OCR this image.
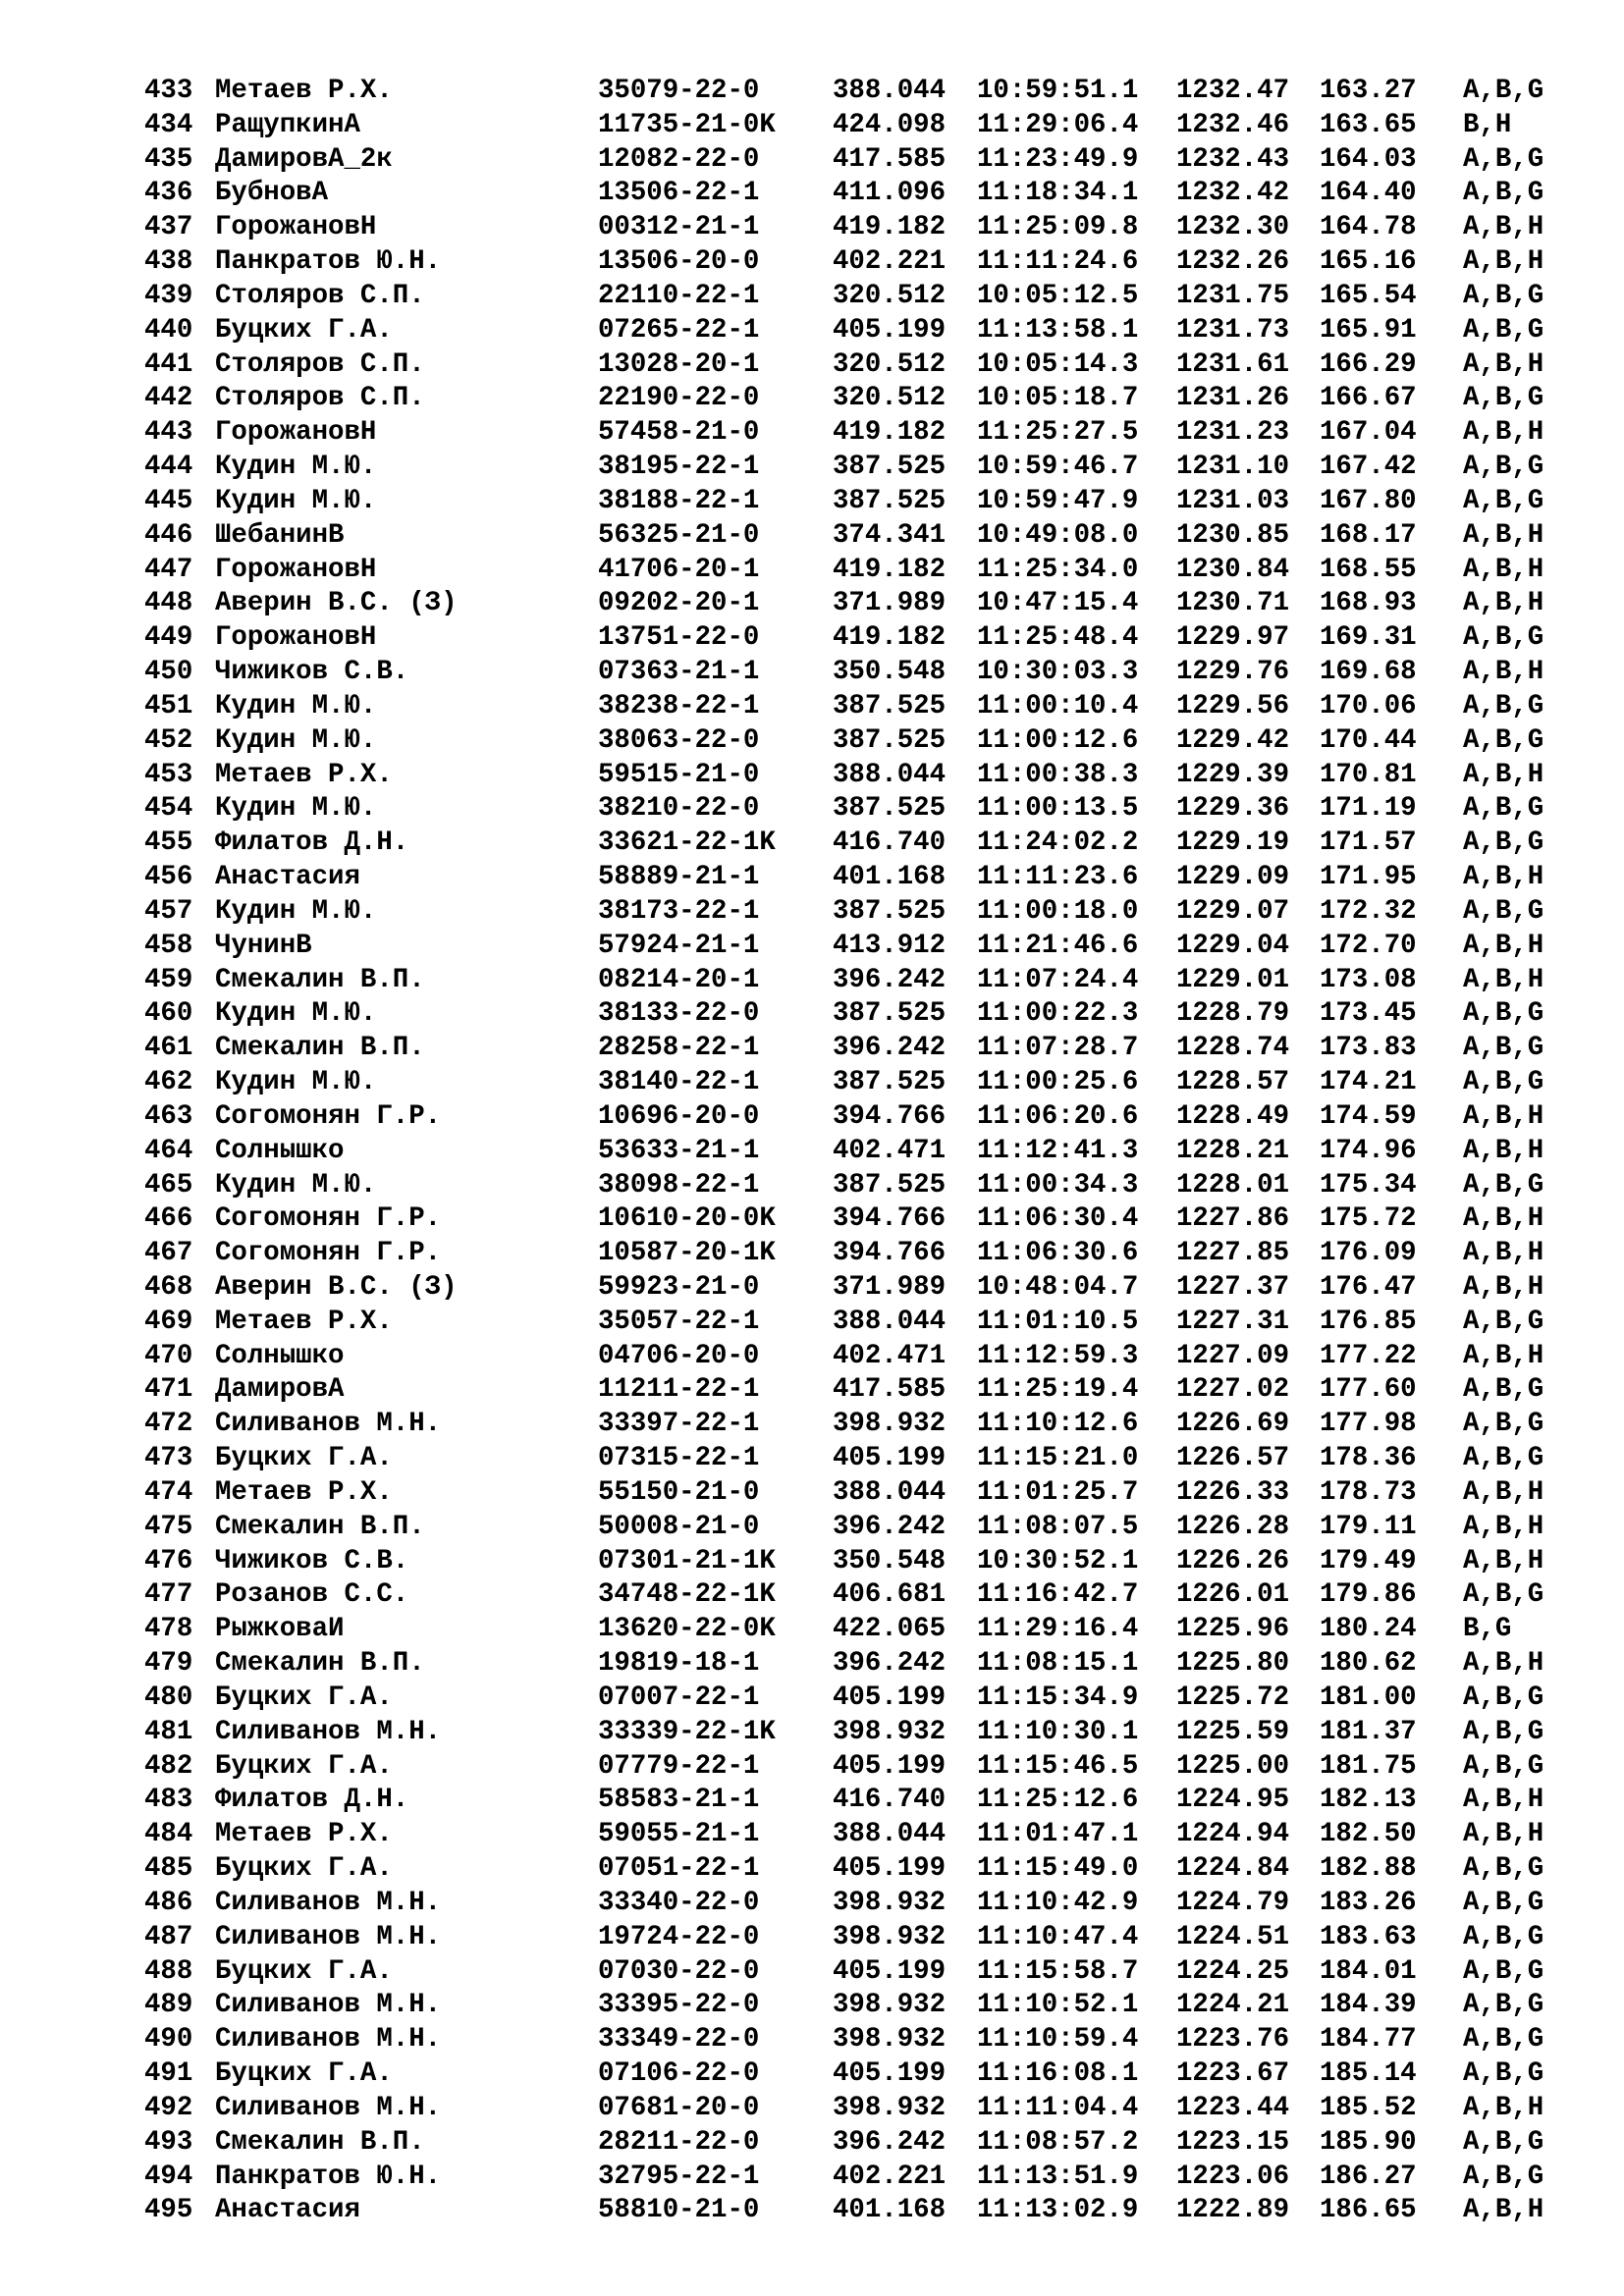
433 Метаев Р.Х.	35079-22-0	388.044 10:59:51.1 1232.47 163.27 A,B,G
434 РащупкинА	11735-21-0K 424.098 11:29:06.4 1232.46 163.65 B,H
435 ДамировА_2к	12082-22-0	417.585 11:23:49.9 1232.43 164.03 A,B,G
436 БубновА	13506-22-1	411.096 11:18:34.1 1232.42 164.40 A,B,G
437 ГорожановН	00312-21-1	419.182 11:25:09.8 1232.30 164.78 A,B,H
438 Панкратов Ю.Н.	13506-20-0	402.221 11:11:24.6 1232.26 165.16 A,B,H
439 Столяров С.П.	22110-22-1	320.512 10:05:12.5 1231.75 165.54 A,B,G
440 Буцких Г.А.	07265-22-1	405.199 11:13:58.1 1231.73 165.91 A,B,G
441 Столяров С.П.	13028-20-1	320.512 10:05:14.3 1231.61 166.29 A,B,H
442 Столяров С.П.	22190-22-0	320.512 10:05:18.7 1231.26 166.67 A,B,G
443 ГорожановН	57458-21-0	419.182 11:25:27.5 1231.23 167.04 A,B,H
444 Кудин М.Ю.	38195-22-1	387.525 10:59:46.7 1231.10 167.42 A,B,G
445 Кудин М.Ю.	38188-22-1	387.525 10:59:47.9 1231.03 167.80 A,B,G
446 ШебанинВ	56325-21-0	374.341 10:49:08.0 1230.85 168.17 A,B,H
447 ГорожановН	41706-20-1	419.182 11:25:34.0 1230.84 168.55 A,B,H
448 Аверин В.С. (З)	09202-20-1	371.989 10:47:15.4 1230.71 168.93 A,B,H
449 ГорожановН	13751-22-0	419.182 11:25:48.4 1229.97 169.31 A,B,G
450 Чижиков С.В.	07363-21-1	350.548 10:30:03.3 1229.76 169.68 A,B,H
451 Кудин М.Ю.	38238-22-1	387.525 11:00:10.4 1229.56 170.06 A,B,G
452 Кудин М.Ю.	38063-22-0	387.525 11:00:12.6 1229.42 170.44 A,B,G
453 Метаев Р.Х.	59515-21-0	388.044 11:00:38.3 1229.39 170.81 A,B,H
454 Кудин М.Ю.	38210-22-0	387.525 11:00:13.5 1229.36 171.19 A,B,G
455 Филатов Д.Н.	33621-22-1K 416.740 11:24:02.2 1229.19 171.57 A,B,G
456 Анастасия	58889-21-1	401.168 11:11:23.6 1229.09 171.95 A,B,H
457 Кудин М.Ю.	38173-22-1	387.525 11:00:18.0 1229.07 172.32 A,B,G
458 ЧунинВ	57924-21-1	413.912 11:21:46.6 1229.04 172.70 A,B,H
459 Смекалин В.П.	08214-20-1	396.242 11:07:24.4 1229.01 173.08 A,B,H
460 Кудин М.Ю.	38133-22-0	387.525 11:00:22.3 1228.79 173.45 A,B,G
461 Смекалин В.П.	28258-22-1	396.242 11:07:28.7 1228.74 173.83 A,B,G
462 Кудин М.Ю.	38140-22-1	387.525 11:00:25.6 1228.57 174.21 A,B,G
463 Согомонян Г.Р.	10696-20-0	394.766 11:06:20.6 1228.49 174.59 A,B,H
464 Солнышко	53633-21-1	402.471 11:12:41.3 1228.21 174.96 A,B,H
465 Кудин М.Ю.	38098-22-1	387.525 11:00:34.3 1228.01 175.34 A,B,G
466 Согомонян Г.Р.	10610-20-0K 394.766 11:06:30.4 1227.86 175.72 A,B,H
467 Согомонян Г.Р.	10587-20-1K 394.766 11:06:30.6 1227.85 176.09 A,B,H
468 Аверин В.С. (З)	59923-21-0	371.989 10:48:04.7 1227.37 176.47 A,B,H
469 Метаев Р.Х.	35057-22-1	388.044 11:01:10.5 1227.31 176.85 A,B,G
470 Солнышко	04706-20-0	402.471 11:12:59.3 1227.09 177.22 A,B,H
471 ДамировА	11211-22-1	417.585 11:25:19.4 1227.02 177.60 A,B,G
472 Силиванов М.Н.	33397-22-1	398.932 11:10:12.6 1226.69 177.98 A,B,G
473 Буцких Г.А.	07315-22-1	405.199 11:15:21.0 1226.57 178.36 A,B,G
474 Метаев Р.Х.	55150-21-0	388.044 11:01:25.7 1226.33 178.73 A,B,H
475 Смекалин В.П.	50008-21-0	396.242 11:08:07.5 1226.28 179.11 A,B,H
476 Чижиков С.В.	07301-21-1K 350.548 10:30:52.1 1226.26 179.49 A,B,H
477 Розанов С.С.	34748-22-1K 406.681 11:16:42.7 1226.01 179.86 A,B,G
478 РыжковаИ	13620-22-0K 422.065 11:29:16.4 1225.96 180.24 B,G
479 Смекалин В.П.	19819-18-1	396.242 11:08:15.1 1225.80 180.62 A,B,H
480 Буцких Г.А.	07007-22-1	405.199 11:15:34.9 1225.72 181.00 A,B,G
481 Силиванов М.Н.	33339-22-1K 398.932 11:10:30.1 1225.59 181.37 A,B,G
482 Буцких Г.А.	07779-22-1	405.199 11:15:46.5 1225.00 181.75 A,B,G
483 Филатов Д.Н.	58583-21-1	416.740 11:25:12.6 1224.95 182.13 A,B,H
484 Метаев Р.Х.	59055-21-1	388.044 11:01:47.1 1224.94 182.50 A,B,H
485 Буцких Г.А.	07051-22-1	405.199 11:15:49.0 1224.84 182.88 A,B,G
486 Силиванов М.Н.	33340-22-0	398.932 11:10:42.9 1224.79 183.26 A,B,G
487 Силиванов М.Н.	19724-22-0	398.932 11:10:47.4 1224.51 183.63 A,B,G
488 Буцких Г.А.	07030-22-0	405.199 11:15:58.7 1224.25 184.01 A,B,G
489 Силиванов М.Н.	33395-22-0	398.932 11:10:52.1 1224.21 184.39 A,B,G
490 Силиванов М.Н.	33349-22-0	398.932 11:10:59.4 1223.76 184.77 A,B,G
491 Буцких Г.А.	07106-22-0	405.199 11:16:08.1 1223.67 185.14 A,B,G
492 Силиванов М.Н.	07681-20-0	398.932 11:11:04.4 1223.44 185.52 A,B,H
493 Смекалин В.П.	28211-22-0	396.242 11:08:57.2 1223.15 185.90 A,B,G
494 Панкратов Ю.Н.	32795-22-1	402.221 11:13:51.9 1223.06 186.27 A,B,G
495 Анастасия	58810-21-0	401.168 11:13:02.9 1222.89 186.65 A,B,H
